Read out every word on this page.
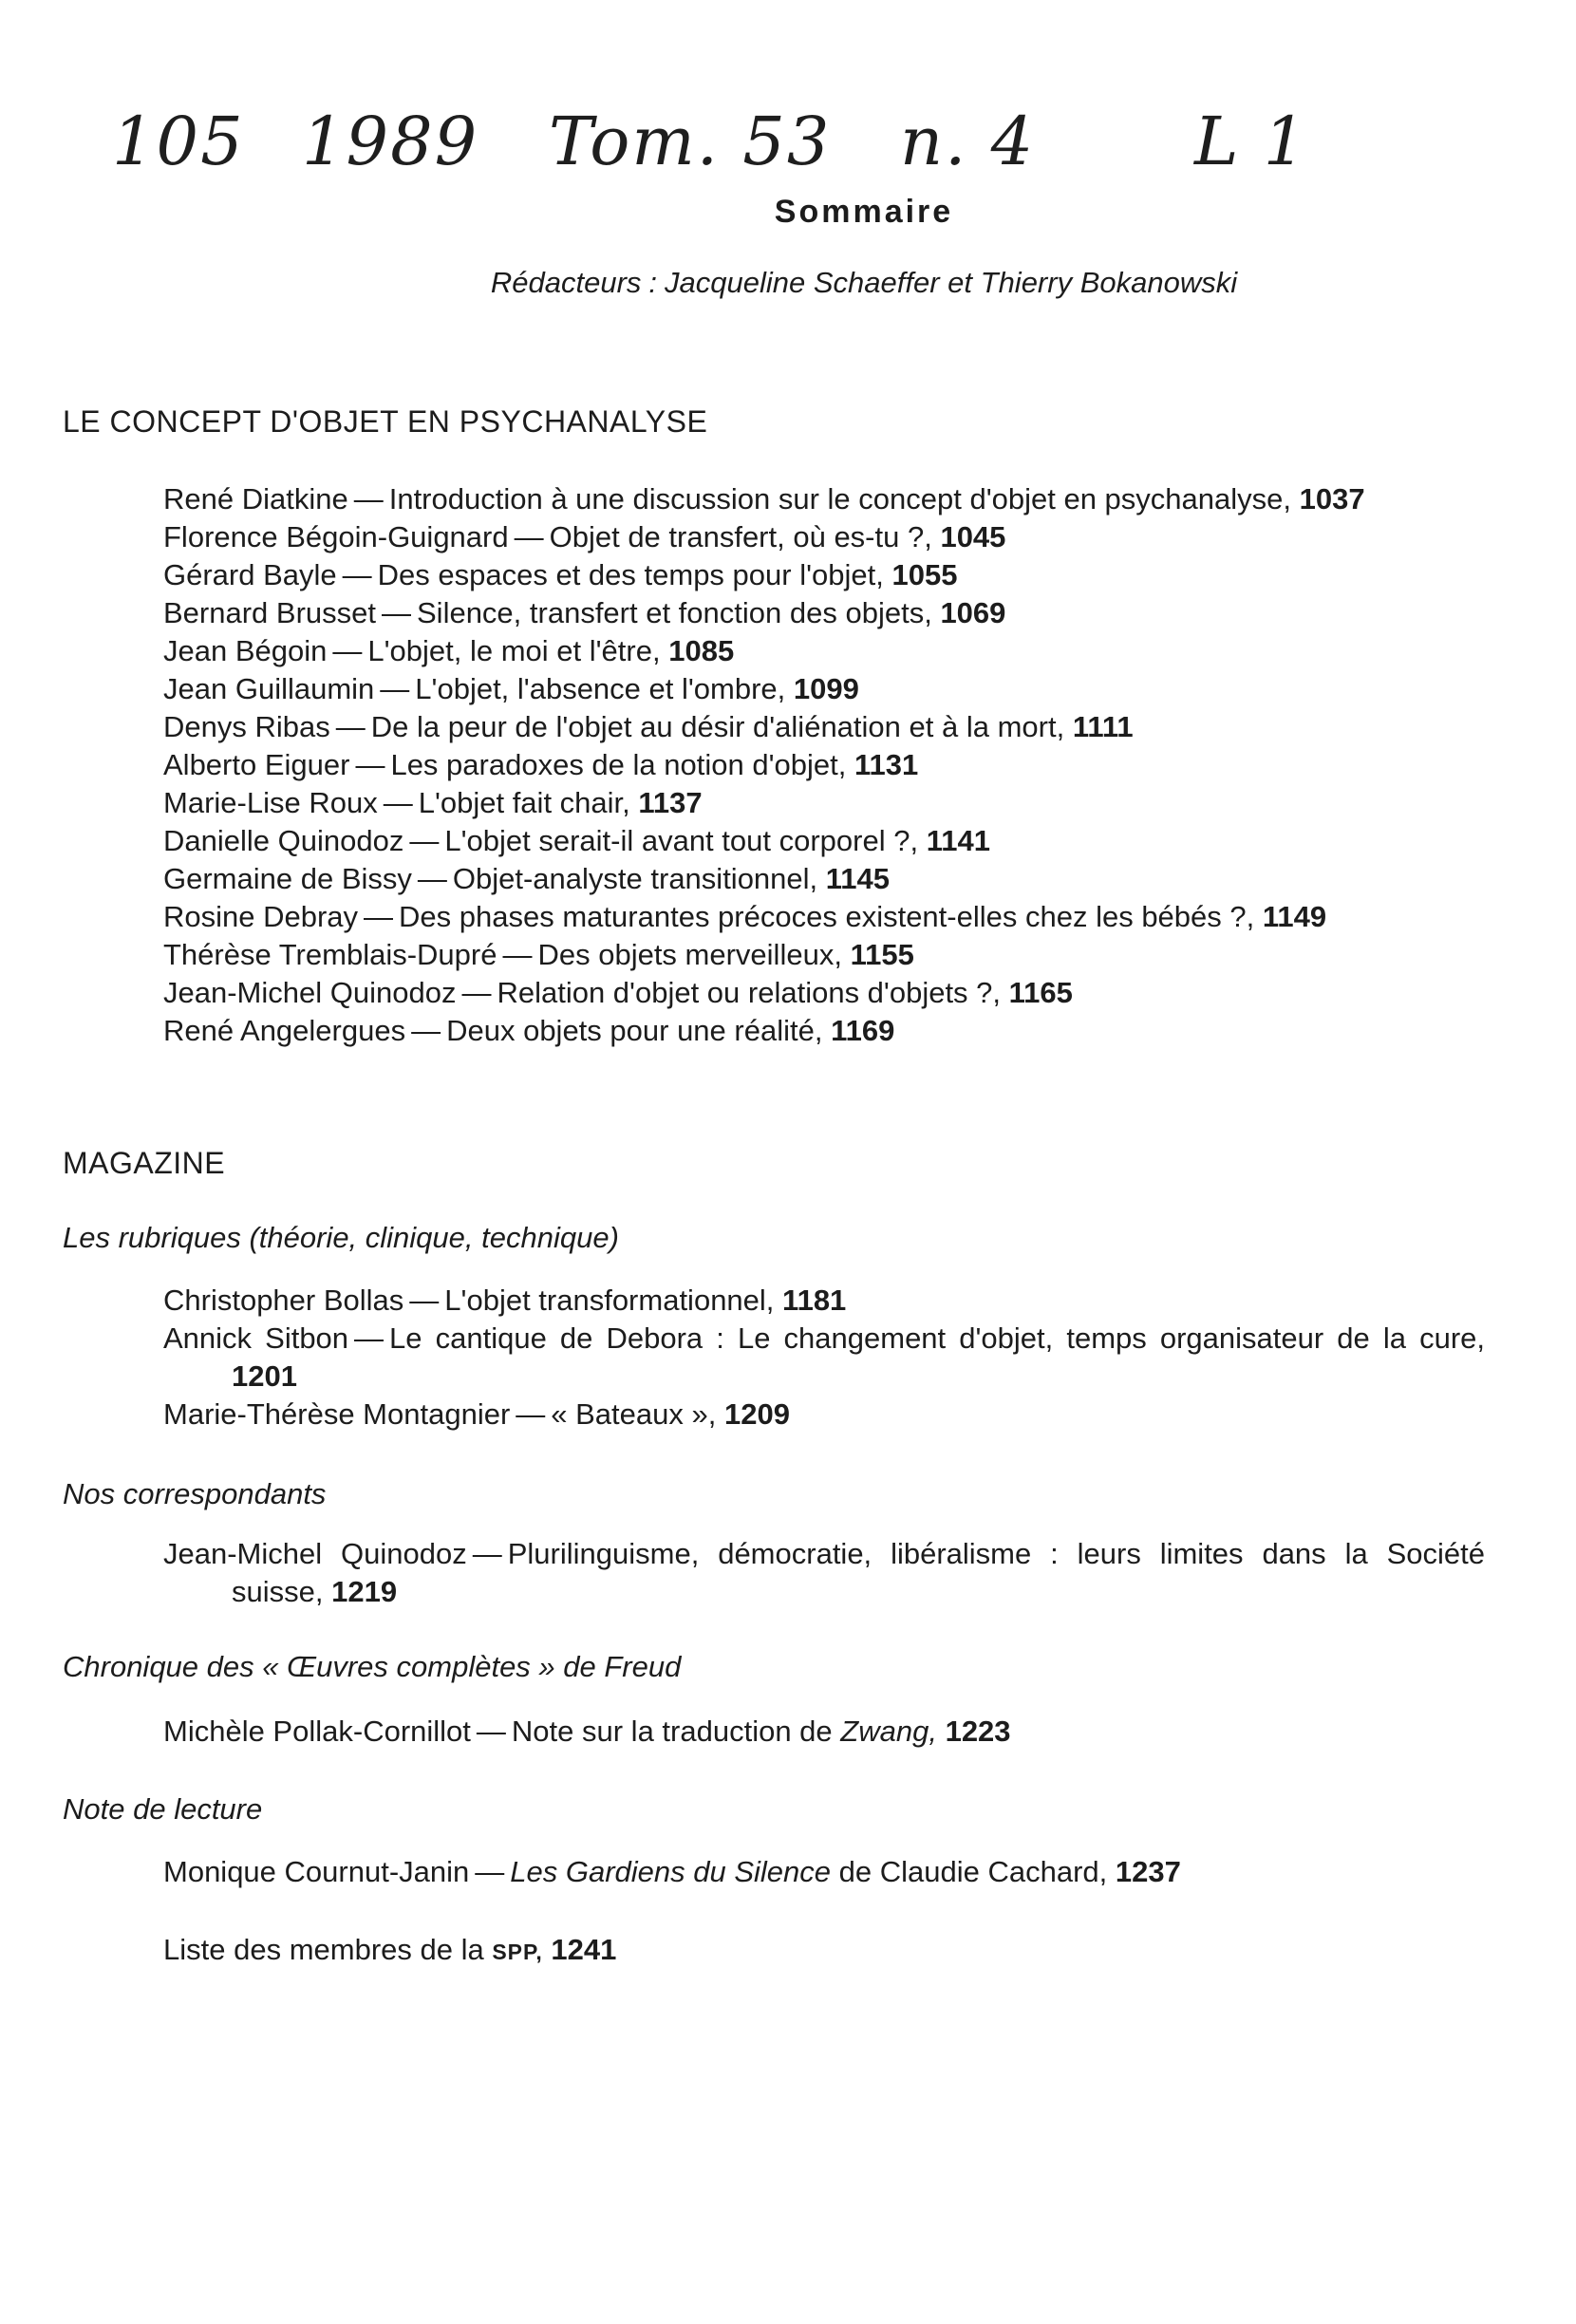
105 1989 Tom. 53 n. 4 L 1
Sommaire
Rédacteurs : Jacqueline Schaeffer et Thierry Bokanowski
LE CONCEPT D'OBJET EN PSYCHANALYSE
René Diatkine — Introduction à une discussion sur le concept d'objet en psychanalyse, 1037
Florence Bégoin-Guignard — Objet de transfert, où es-tu ?, 1045
Gérard Bayle — Des espaces et des temps pour l'objet, 1055
Bernard Brusset — Silence, transfert et fonction des objets, 1069
Jean Bégoin — L'objet, le moi et l'être, 1085
Jean Guillaumin — L'objet, l'absence et l'ombre, 1099
Denys Ribas — De la peur de l'objet au désir d'aliénation et à la mort, 1111
Alberto Eiguer — Les paradoxes de la notion d'objet, 1131
Marie-Lise Roux — L'objet fait chair, 1137
Danielle Quinodoz — L'objet serait-il avant tout corporel ?, 1141
Germaine de Bissy — Objet-analyste transitionnel, 1145
Rosine Debray — Des phases maturantes précoces existent-elles chez les bébés ?, 1149
Thérèse Tremblais-Dupré — Des objets merveilleux, 1155
Jean-Michel Quinodoz — Relation d'objet ou relations d'objets ?, 1165
René Angelergues — Deux objets pour une réalité, 1169
MAGAZINE
Les rubriques (théorie, clinique, technique)
Christopher Bollas — L'objet transformationnel, 1181
Annick Sitbon — Le cantique de Debora : Le changement d'objet, temps organisateur de la cure, 1201
Marie-Thérèse Montagnier — « Bateaux », 1209
Nos correspondants
Jean-Michel Quinodoz — Plurilinguisme, démocratie, libéralisme : leurs limites dans la Société suisse, 1219
Chronique des « Œuvres complètes » de Freud
Michèle Pollak-Cornillot — Note sur la traduction de Zwang, 1223
Note de lecture
Monique Cournut-Janin — Les Gardiens du Silence de Claudie Cachard, 1237
Liste des membres de la SPP, 1241
